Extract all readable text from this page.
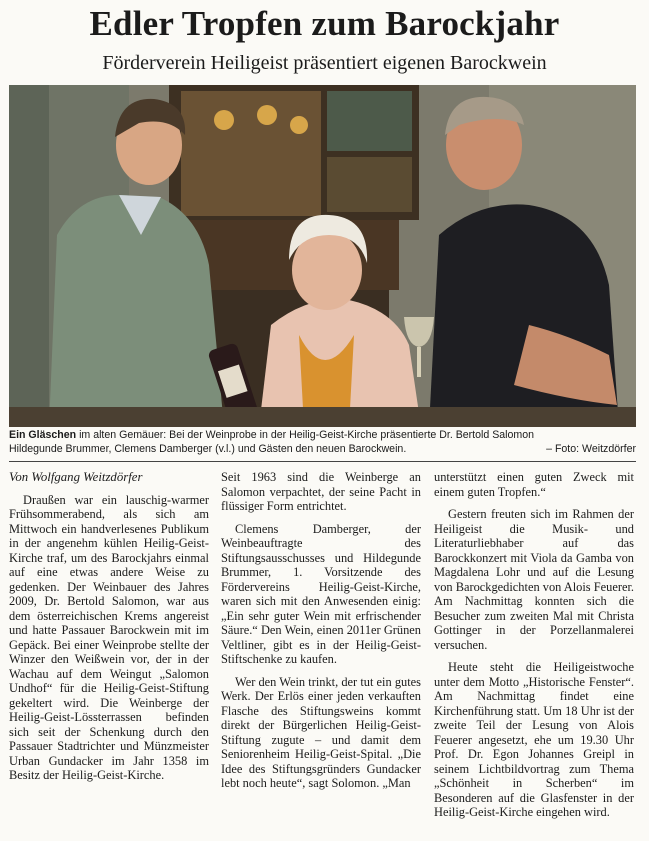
Edler Tropfen zum Barockjahr
Förderverein Heiligeist präsentiert eigenen Barockwein
Ein Gläschen im alten Gemäuer: Bei der Weinprobe in der Heilig-Geist-Kirche präsentierte Dr. Bertold Salomon
Hildegunde Brummer, Clemens Damberger (v.l.) und Gästen den neuen Barockwein.	– Foto: Weitzdörfer

Von Wolfgang Weitzdörfer

Draußen war ein lauschig-warmer Frühsommerabend, als sich am Mittwoch ein handverlesenes Publikum in der angenehm kühlen Heilig-Geist-Kirche traf, um des Barockjahrs einmal auf eine etwas andere Weise zu gedenken. Der Weinbauer des Jahres 2009, Dr. Bertold Salomon, war aus dem österreichischen Krems angereist und hatte Passauer Barockwein mit im Gepäck. Bei einer Weinprobe stellte der Winzer den Weißwein vor, der in der Wachau auf dem Weingut „Salomon Undhof“ für die Heilig-Geist-Stiftung gekeltert wird. Die Weinberge der Heilig-Geist-Lössterrassen befinden sich seit der Schenkung durch den Passauer Stadtrichter und Münzmeister Urban Gundacker im Jahr 1358 im Besitz der Heilig-Geist-Kirche.

Seit 1963 sind die Weinberge an Salomon verpachtet, der seine Pacht in flüssiger Form entrichtet.

Clemens Damberger, der Weinbeauftragte des Stiftungsausschusses und Hildegunde Brummer, 1. Vorsitzende des Fördervereins Heilig-Geist-Kirche, waren sich mit den Anwesenden einig: „Ein sehr guter Wein mit erfrischender Säure.“ Den Wein, einen 2011er Grünen Veltliner, gibt es in der Heilig-Geist-Stiftschenke zu kaufen.

Wer den Wein trinkt, der tut ein gutes Werk. Der Erlös einer jeden verkauften Flasche des Stiftungsweins kommt direkt der Bürgerlichen Heilig-Geist-Stiftung zugute – und damit dem Seniorenheim Heilig-Geist-Spital. „Die Idee des Stiftungsgründers Gundacker lebt noch heute“, sagt Solomon. „Man

unterstützt einen guten Zweck mit einem guten Tropfen.“

Gestern freuten sich im Rahmen der Heiligeist die Musik- und Literaturliebhaber auf das Barockkonzert mit Viola da Gamba von Magdalena Lohr und auf die Lesung von Barockgedichten von Alois Feuerer. Am Nachmittag konnten sich die Besucher zum zweiten Mal mit Christa Gottinger in der Porzellanmalerei versuchen.

Heute steht die Heiligeistwoche unter dem Motto „Historische Fenster“. Am Nachmittag findet eine Kirchenführung statt. Um 18 Uhr ist der zweite Teil der Lesung von Alois Feuerer angesetzt, ehe um 19.30 Uhr Prof. Dr. Egon Johannes Greipl in seinem Lichtbildvortrag zum Thema „Schönheit in Scherben“ im Besonderen auf die Glasfenster in der Heilig-Geist-Kirche eingehen wird.
